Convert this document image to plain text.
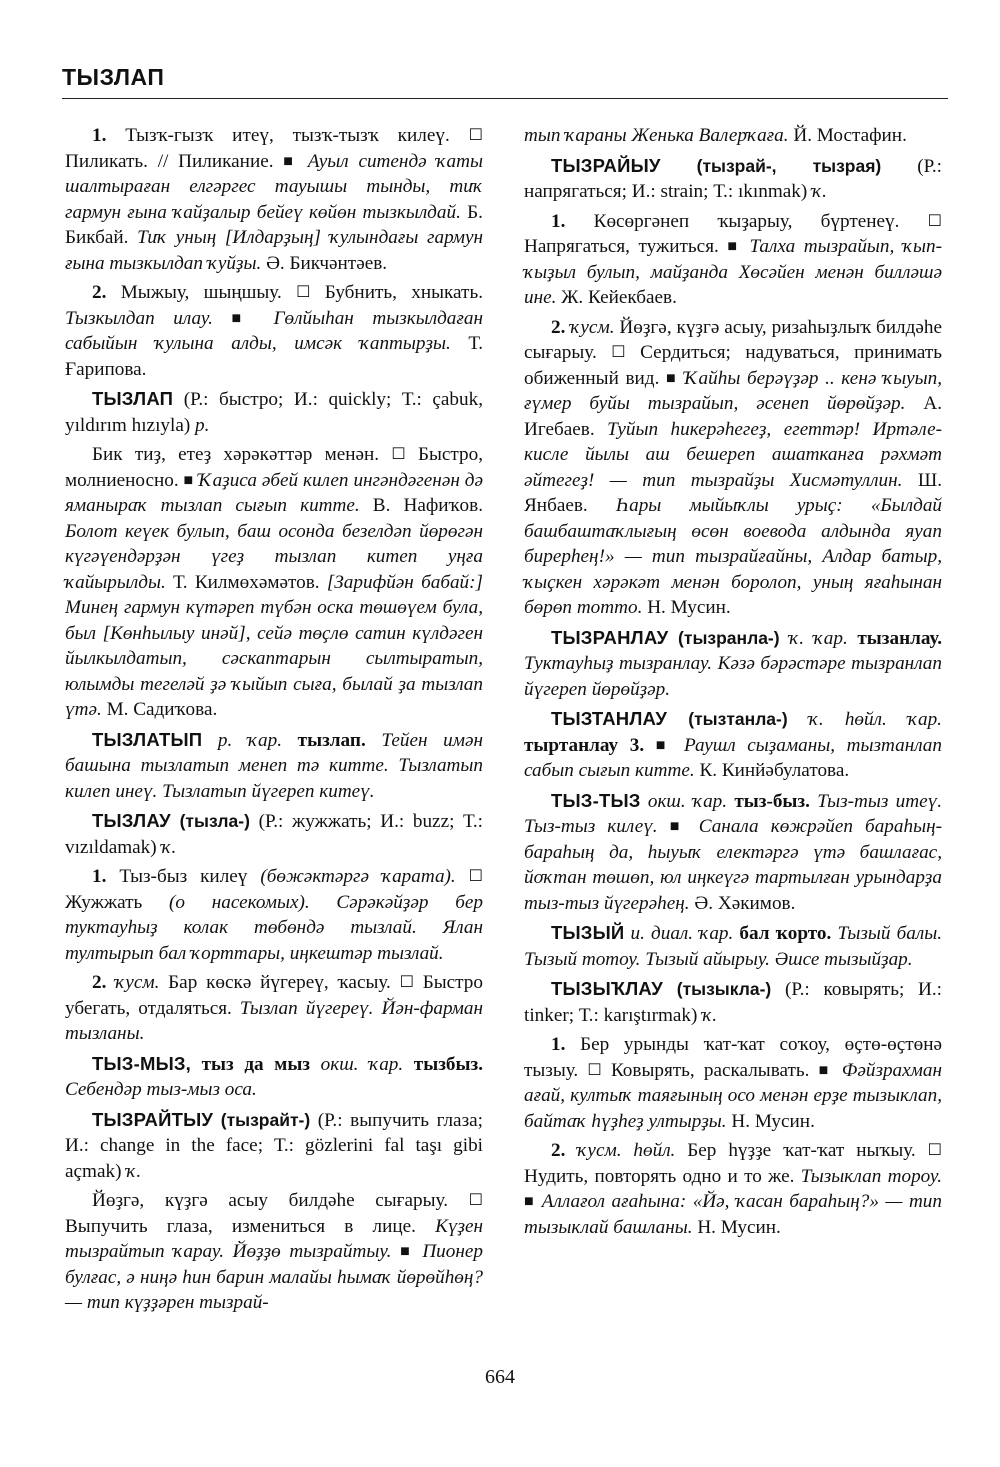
ТЫЗЛАП

1. Тызҡ-гызҡ итеү, тызҡ-тызҡ килеү. ☐ Пиликать. // Пиликание. ■ Ауыл ситендә ҡаты шалтыраған елгәргес тауышы тынды, тиҡ гармун ғына ҡайҙалыр бейеү көйөн тызкылдай. Б. Бикбай. Тиҡ уның [Илдарҙың] ҡулындағы гармун ғына тызкылдап ҡуйҙы. Ә. Бикчәнтәев.

2. Мыжыу, шыңшыу. ☐ Бубнить, хныкать. Тызкылдап илау. ■ Гөлйыһан тызкылдаған сабыйын ҡулына алды, имсәк ҡаптырҙы. Т. Ғарипова.

ТЫЗЛАП (Р.: быстро; И.: quickly; Т.: çabuk, yıldırım hızıyla) р.

Бик тиҙ, етеҙ хәрәкәттәр менән. ☐ Быстро, молниеносно. ■ Ҡаҙиса әбей килеп ингәндәгенән дә яманыраҡ тызлап сығып китте. В. Нафиҡов. Болот кеүек булып, баш осонда безелдәп йөрөгән күгәүендәрҙән үгеҙ тызлап китеп уңға ҡайырылды. Т. Килмөхәмәтов. [Зарифйән бабай:] Минең гармун күтәреп түбән оска төшөүем була, был [Көнһылыу инәй], сейә төҫлө сатин күлдәген йылкылдатып, сәскаптарын сылтыратып, юлымды тегеләй ҙә ҡыйып сыға, былай ҙа тызлап үтә. М. Садиҡова.

ТЫЗЛАТЫП р. ҡар. тызлап. Тейен имән башына тызлатып менеп тә китте. Тызлатып килеп инеү. Тызлатып йүгереп китеү.

ТЫЗЛАУ (тызла-) (Р.: жужжать; И.: buzz; Т.: vızıldamak) ҡ.

1. Тыз-быз килеү (бөжәктәргә ҡарата). ☐ Жужжать (о насекомых). Сәрәкәйҙәр бер туктауһыҙ колак төбөндә тызлай. Ялан тултырып бал ҡорттары, иңкештәр тызлай.

2. ҡусм. Бар көскә йүгереү, ҡасыу. ☐ Быстро убегать, отдаляться. Тызлап йүгереү. Йән-фарман тызланы.

ТЫЗ-МЫЗ, тыз да мыз окш. ҡар. тызбыз. Себендәр тыз-мыз оса.

ТЫЗРАЙТЫУ (тызрайт-) (Р.: выпучить глаза; И.: change in the face; Т.: gözlerini fal taşı gibi açmak) ҡ.

Йөҙгә, күҙгә асыу билдәһе сығарыу. ☐ Выпучить глаза, измениться в лице. Күҙен тызрайтып ҡарау. Йөҙҙө тызрайтыу. ■ Пионер булғас, ә ниңә һин барин малайы һымаҡ йөрөйһөң? — тип күҙҙәрен тызрай-

тып ҡараны Женька Валерҡаға. Й. Мостафин.

ТЫЗРАЙЫУ (тызрай-, тызрая) (Р.: напрягаться; И.: strain; Т.: ıkınmak) ҡ.

1. Көсөргәнеп ҡыҙарыу, бүртенеү. ☐ Напрягаться, тужиться. ■ Талха тызрайып, ҡып-ҡыҙыл булып, майҙанда Хөсәйен менән билләшә ине. Ж. Кейекбаев.

2. ҡусм. Йөҙгә, күҙгә асыу, ризаһыҙлыҡ билдәһе сығарыу. ☐ Сердиться; надуваться, принимать обиженный вид. ■ Ҡайһы берәүҙәр .. кенә ҡыуып, ғүмер буйы тызрайып, әсенеп йөрөйҙәр. А. Игебаев. Туйып һикерәһегеҙ, егеттәр! Иртәле-кисле йылы аш бешереп ашатканға рәхмәт әйтегеҙ! — тип тызрайҙы Хисмәтуллин. Ш. Янбаев. Һары мыйыҡлы урыҫ: «Былдай башбаштаҡлығың өсөн воевода алдында яуап бирерһең!» — тип тызрайғайны, Алдар батыр, ҡыҫкен хәрәкәт менән боролоп, уның яғаһынан бөрөп тотто. Н. Мусин.

ТЫЗРАНЛАУ (тызранла-) ҡ. ҡар. тызанлау. Туктауһыҙ тызранлау. Кәзә бәрәстәре тызранлап йүгереп йөрөйҙәр.

ТЫЗТАНЛАУ (тызтанла-) ҡ. һөйл. ҡар. тыртанлау 3. ■ Раушл сыҙаманы, тызтанлап сабып сығып китте. К. Кинйәбулатова.

ТЫЗ-ТЫЗ окш. ҡар. тыз-быз. Тыз-тыз итеү. Тыз-тыз килеү. ■ Санала көжрәйеп бараһың-бараһың да, һыуыҡ електәргә үтә башлағас, йоҡтан төшөп, юл иңкеүгә тартылған урындарҙа тыз-тыз йүгерәһең. Ә. Хәкимов.

ТЫЗЫЙ и. диал. ҡар. бал ҡорто. Тызый балы. Тызый тотоу. Тызый айырыу. Әшсе тызыйҙар.

ТЫЗЫҠЛАУ (тызыкла-) (Р.: ковырять; И.: tinker; Т.: karıştırmak) ҡ.

1. Бер урынды ҡат-ҡат соҡоу, өҫтө-өҫтөнә тызыу. ☐ Ковырять, раскалывать. ■ Фәйзрахман ағай, култыҡ таяғының осо менән ерҙе тызыклап, байтаҡ һүҙһеҙ ултырҙы. Н. Мусин.

2. ҡусм. һөйл. Бер һүҙҙе ҡат-ҡат ныҡыу. ☐ Нудить, повторять одно и то же. Тызыклап тороу. ■ Аллағол ағаһына: «Йә, ҡасан бараһың?» — тип тызыклай башланы. Н. Мусин.

664
